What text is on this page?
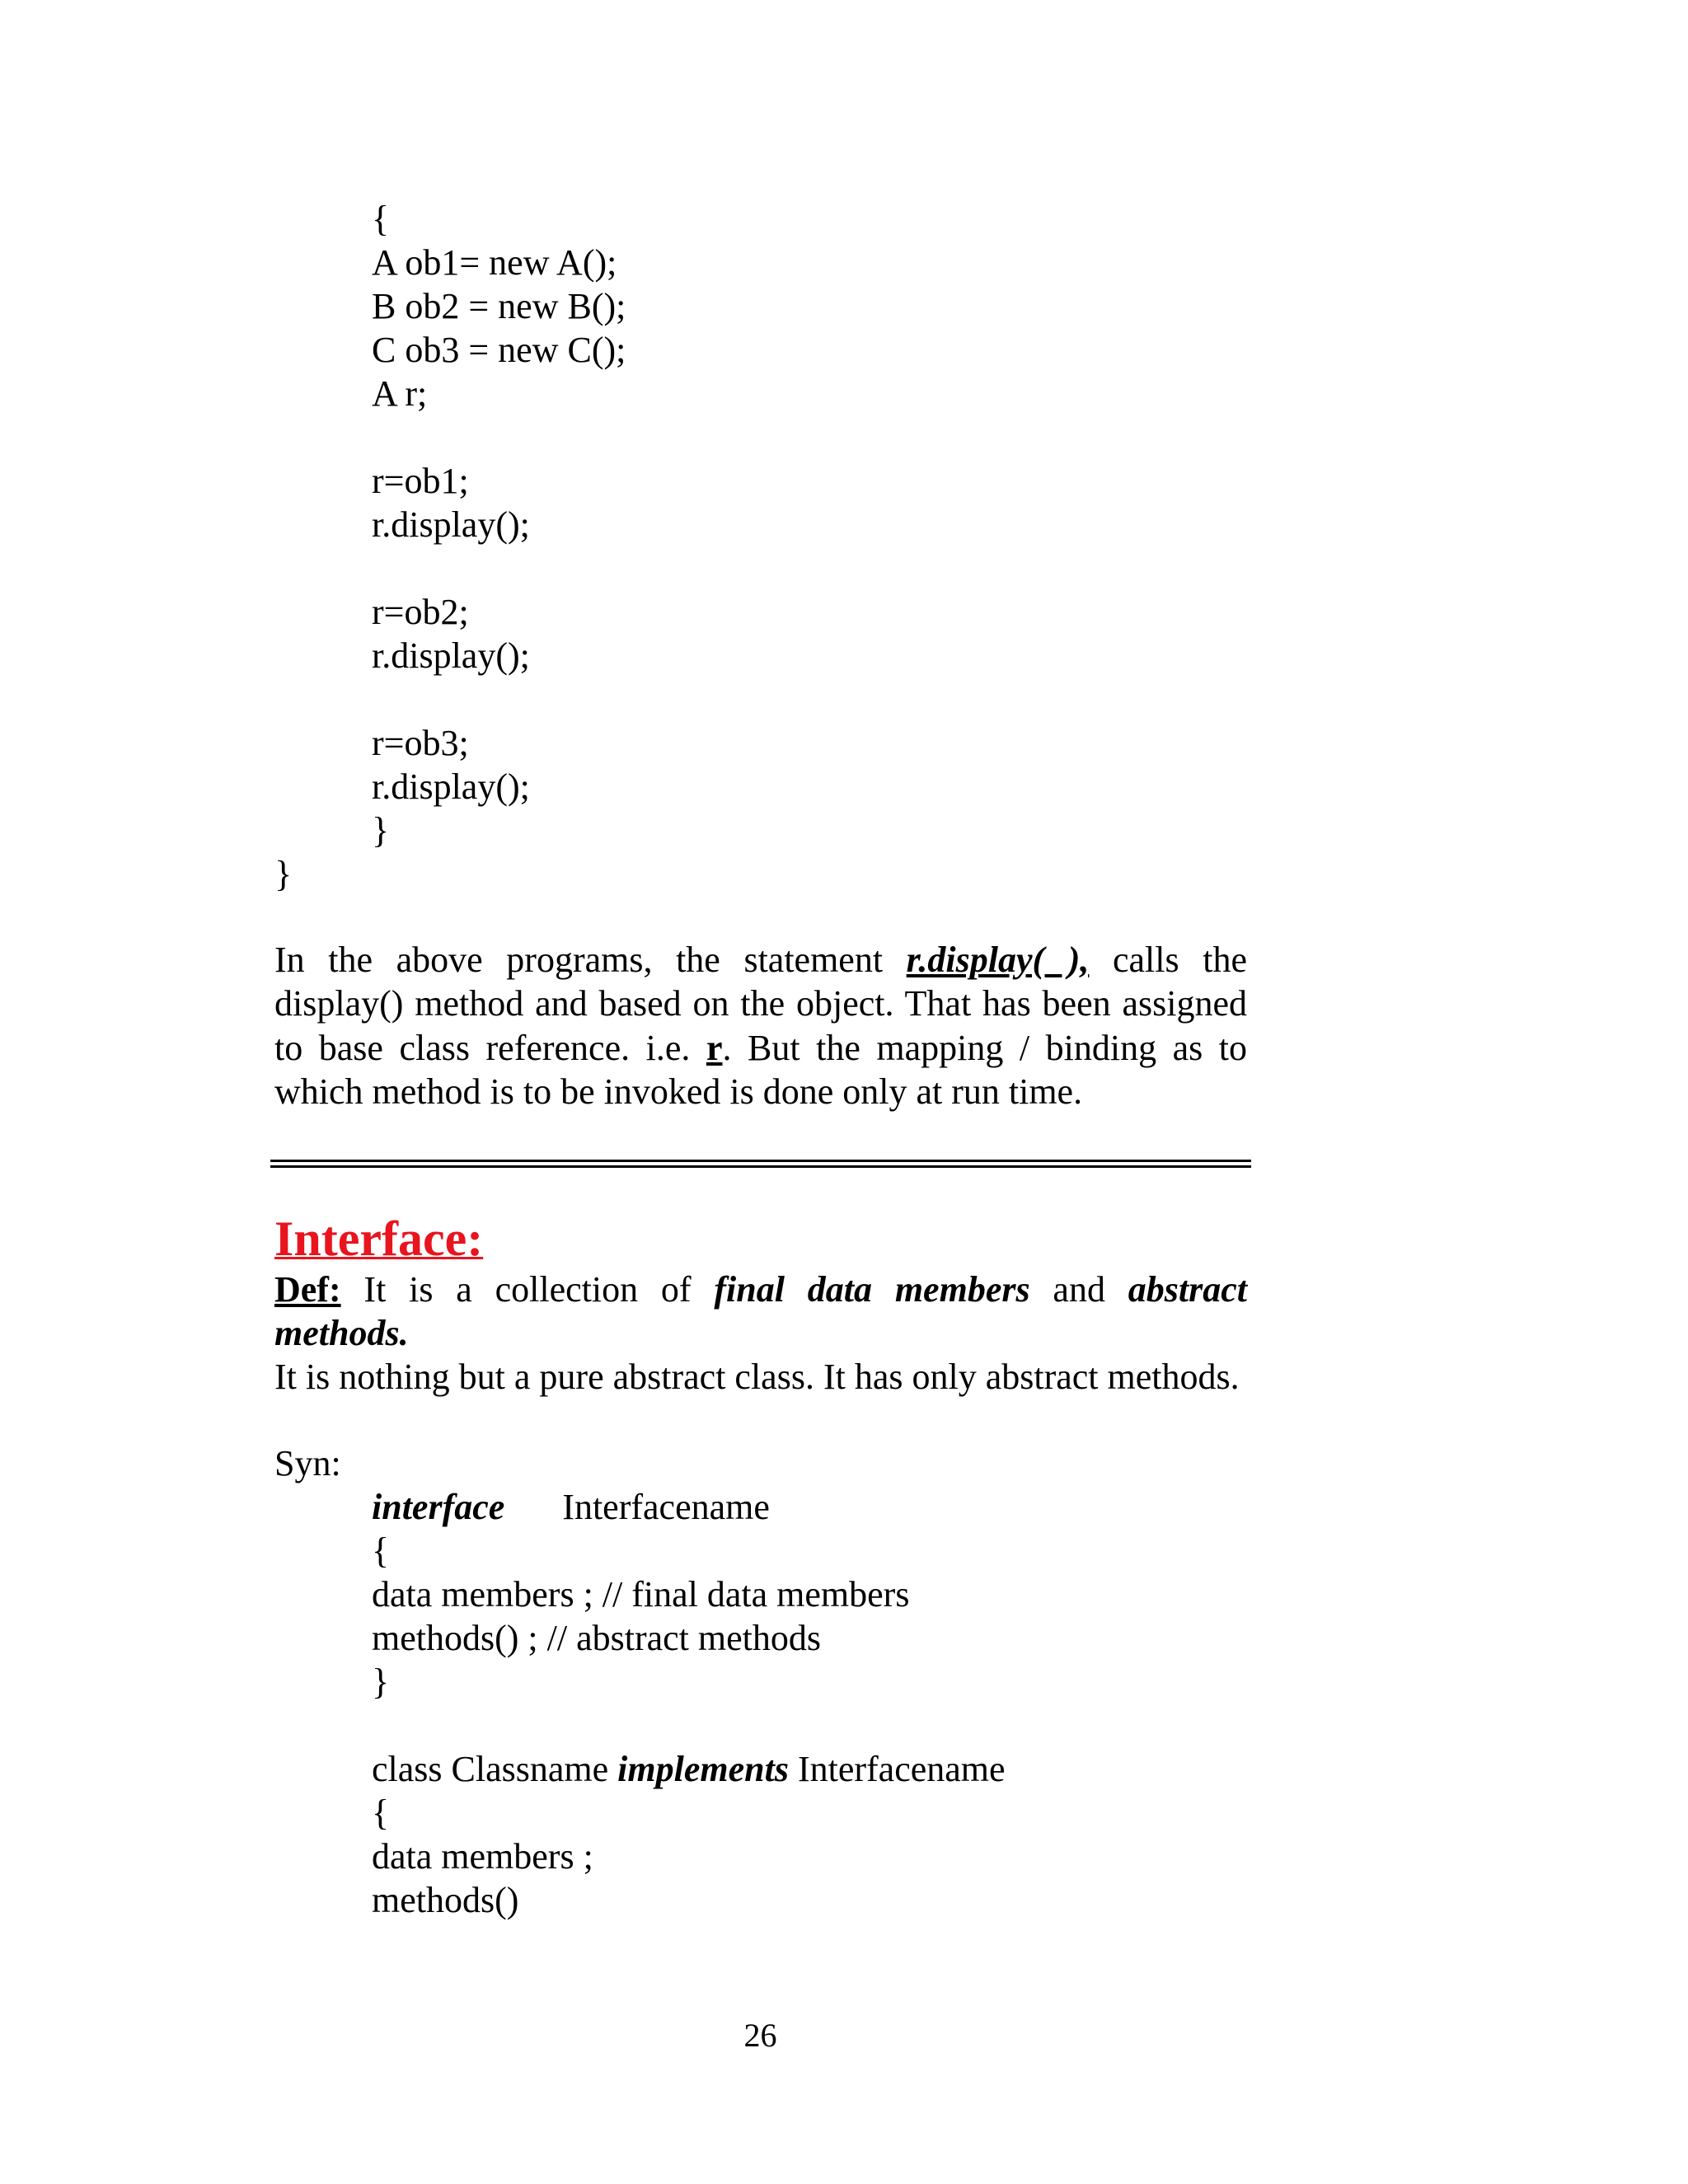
{
A ob1= new A();
B ob2 = new B();
C ob3 = new C();
A r;
r=ob1;
r.display();
r=ob2;
r.display();
r=ob3;
r.display();
}
}
In the above programs, the statement r.display( ), calls the display() method and based on the object. That has been assigned to base class reference. i.e. r. But the mapping / binding as to which method is to be invoked is done only at run time.
Interface:
Def: It is a collection of final data members and abstract methods.
It is nothing but a pure abstract class. It has only abstract methods.
Syn:
interface Interfacename
{
data members ; // final data members
methods() ; // abstract methods
}
class Classname implements Interfacename
{
data members ;
methods()
26
